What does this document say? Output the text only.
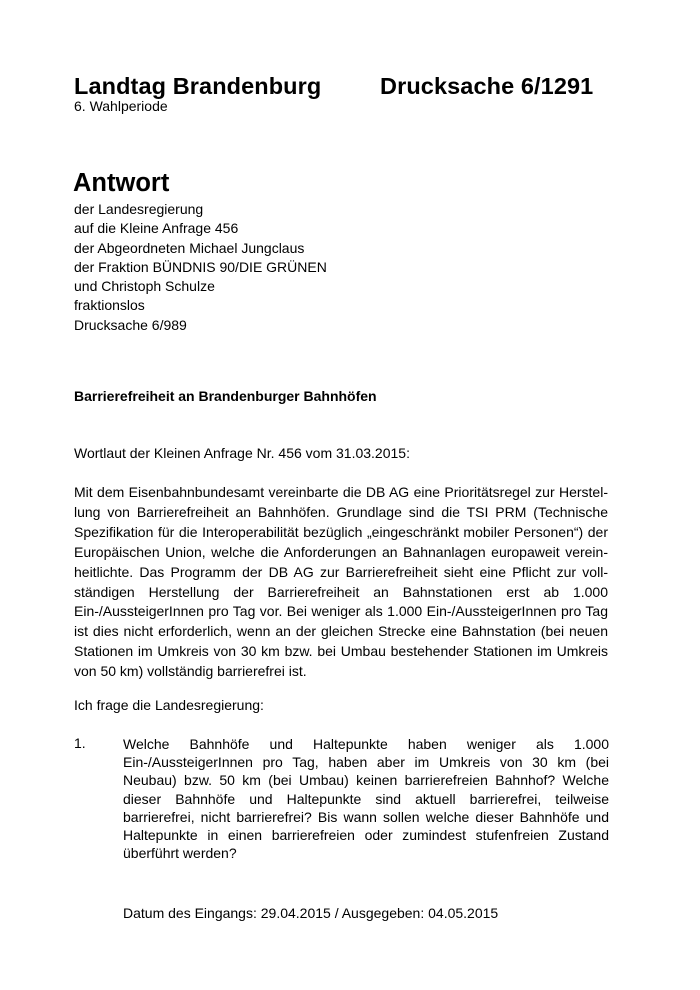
Landtag Brandenburg Drucksache 6/1291
6. Wahlperiode
Antwort
der Landesregierung
auf die Kleine Anfrage 456
der Abgeordneten Michael Jungclaus
der Fraktion BÜNDNIS 90/DIE GRÜNEN
und Christoph Schulze
fraktionslos
Drucksache 6/989
Barrierefreiheit an Brandenburger Bahnhöfen
Wortlaut der Kleinen Anfrage Nr. 456 vom 31.03.2015:
Mit dem Eisenbahnbundesamt vereinbarte die DB AG eine Prioritätsregel zur Herstellung von Barrierefreiheit an Bahnhöfen. Grundlage sind die TSI PRM (Technische Spezifikation für die Interoperabilität bezüglich „eingeschränkt mobiler Personen“) der Europäischen Union, welche die Anforderungen an Bahnanlagen europaweit vereinheitlichte. Das Programm der DB AG zur Barrierefreiheit sieht eine Pflicht zur vollständigen Herstellung der Barrierefreiheit an Bahnstationen erst ab 1.000 Ein-/AussteigerInnen pro Tag vor. Bei weniger als 1.000 Ein-/AussteigerInnen pro Tag ist dies nicht erforderlich, wenn an der gleichen Strecke eine Bahnstation (bei neuen Stationen im Umkreis von 30 km bzw. bei Umbau bestehender Stationen im Umkreis von 50 km) vollständig barrierefrei ist.
Ich frage die Landesregierung:
1.	Welche Bahnhöfe und Haltepunkte haben weniger als 1.000 Ein-/AussteigerInnen pro Tag, haben aber im Umkreis von 30 km (bei Neubau) bzw. 50 km (bei Umbau) keinen barrierefreien Bahnhof? Welche dieser Bahnhöfe und Haltepunkte sind aktuell barrierefrei, teilweise barrierefrei, nicht barrierefrei? Bis wann sollen welche dieser Bahnhöfe und Haltepunkte in einen barrierefreien oder zumindest stufenfreien Zustand überführt werden?
Datum des Eingangs: 29.04.2015 / Ausgegeben: 04.05.2015
